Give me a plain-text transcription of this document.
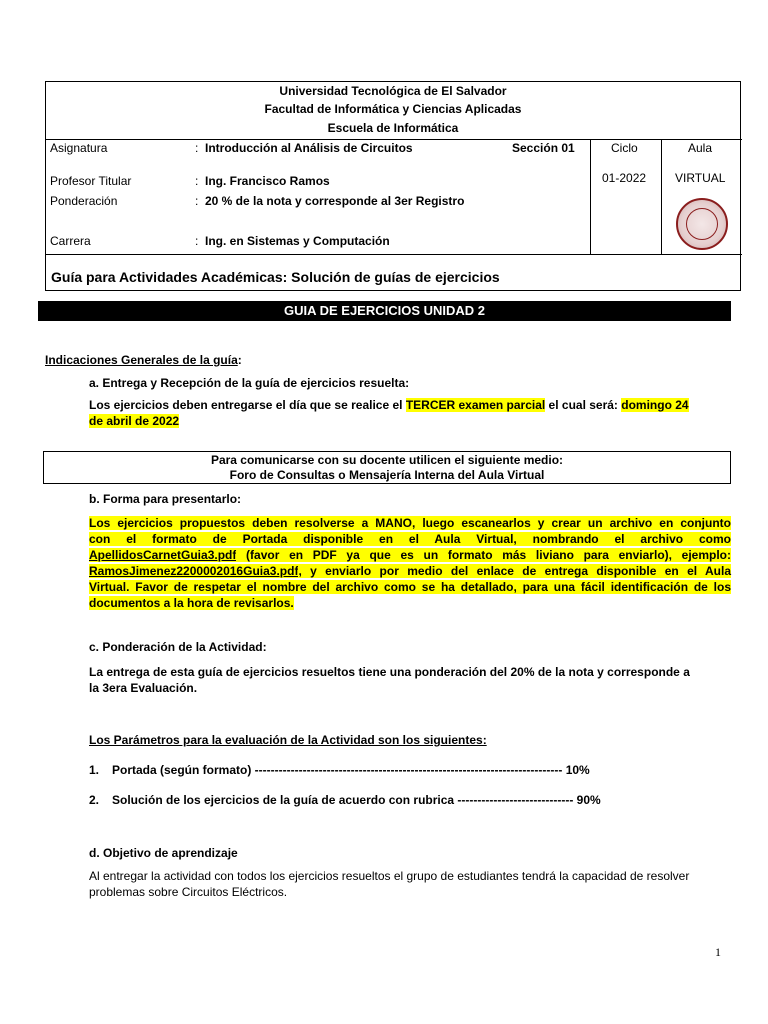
Universidad Tecnológica de El Salvador
Facultad de Informática y Ciencias Aplicadas
Escuela de Informática
Asignatura	: Introducción al Análisis de Circuitos	Sección 01	Ciclo	Aula
01-2022 VIRTUAL
Profesor Titular	: Ing. Francisco Ramos
Ponderación	: 20 % de la nota y corresponde al 3er Registro
Carrera	: Ing. en Sistemas y Computación
Guía para Actividades Académicas: Solución de guías de ejercicios
GUIA DE EJERCICIOS UNIDAD 2
Indicaciones Generales de la guía:
a. Entrega y Recepción de la guía de ejercicios resuelta:
Los ejercicios deben entregarse el día que se realice el TERCER examen parcial el cual será: domingo 24
de abril de 2022
Para comunicarse con su docente utilicen el siguiente medio:
Foro de Consultas o Mensajería Interna del Aula Virtual
b. Forma para presentarlo:
Los ejercicios propuestos deben resolverse a MANO, luego escanearlos y crear un archivo en conjunto
con el formato de Portada disponible en el Aula Virtual, nombrando el archivo como
ApellidosCarnetGuia3.pdf (favor en PDF ya que es un formato más liviano para enviarlo), ejemplo:
RamosJimenez2200002016Guia3.pdf, y enviarlo por medio del enlace de entrega disponible en el Aula
Virtual. Favor de respetar el nombre del archivo como se ha detallado, para una fácil identificación de los
documentos a la hora de revisarlos.
c. Ponderación de la Actividad:
La entrega de esta guía de ejercicios resueltos tiene una ponderación del 20% de la nota y corresponde a
la 3era Evaluación.
Los Parámetros para la evaluación de la Actividad son los siguientes:
1. Portada (según formato) ----------------------------------------------------------------------------- 10%
2. Solución de los ejercicios de la guía de acuerdo con rubrica ----------------------------- 90%
d. Objetivo de aprendizaje
Al entregar la actividad con todos los ejercicios resueltos el grupo de estudiantes tendrá la capacidad de resolver
problemas sobre Circuitos Eléctricos.
1
